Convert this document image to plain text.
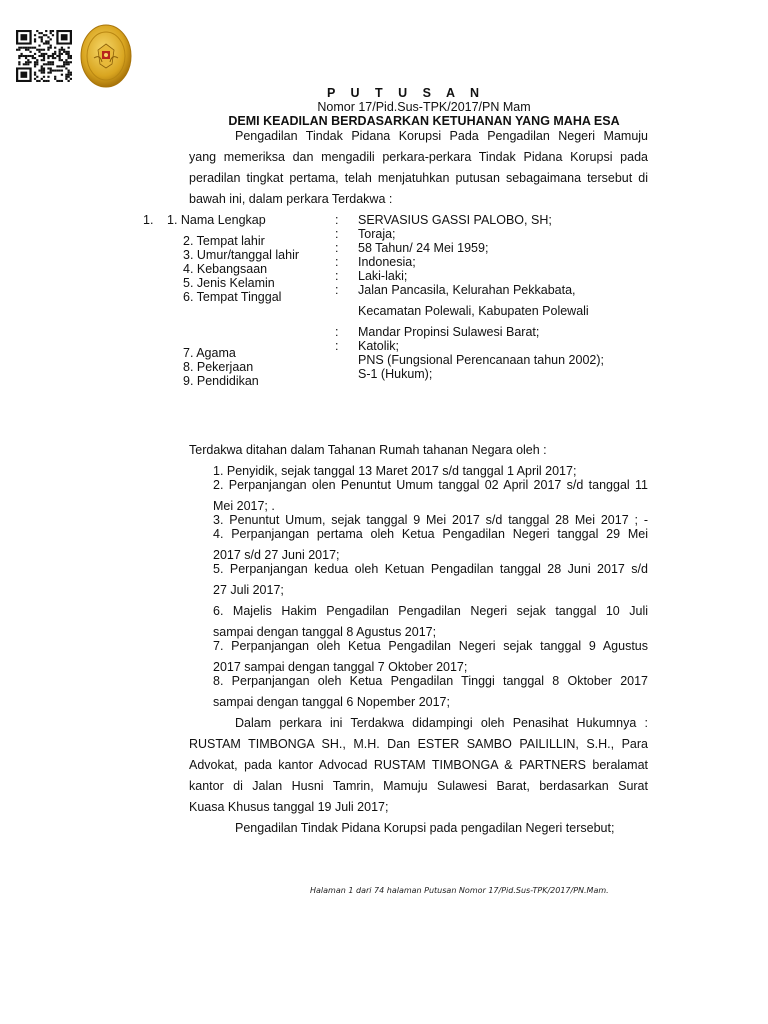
P U T U S A N
Nomor 17/Pid.Sus-TPK/2017/PN Mam
DEMI KEADILAN BERDASARKAN KETUHANAN YANG MAHA ESA
Pengadilan Tindak Pidana Korupsi Pada Pengadilan Negeri Mamuju
yang memeriksa dan mengadili perkara-perkara Tindak Pidana Korupsi pada
peradilan tingkat pertama, telah menjatuhkan putusan sebagaimana tersebut di
bawah ini, dalam perkara Terdakwa :
1. 1. Nama Lengkap
2. Tempat lahir
3. Umur/tanggal lahir
4. Kebangsaan
5. Jenis Kelamin
6. Tempat Tinggal
7. Agama
8. Pekerjaan
9. Pendidikan
:
:
:
:
:
:
:
:
SERVASIUS GASSI PALOBO, SH;
Toraja;
58 Tahun/ 24 Mei 1959;
Indonesia;
Laki-laki;
Jalan Pancasila, Kelurahan Pekkabata,
Kecamatan Polewali, Kabupaten Polewali
Mandar Propinsi Sulawesi Barat;
Katolik;
PNS (Fungsional Perencanaan tahun 2002);
S-1 (Hukum);
Terdakwa ditahan dalam Tahanan Rumah tahanan Negara oleh :
1. Penyidik, sejak tanggal 13 Maret 2017 s/d tanggal 1 April 2017;
2. Perpanjangan olen Penuntut Umum tanggal 02 April 2017 s/d tanggal 11
Mei 2017; .
3. Penuntut Umum, sejak tanggal 9 Mei 2017 s/d tanggal 28 Mei 2017 ; -
4. Perpanjangan pertama oleh Ketua Pengadilan Negeri tanggal 29 Mei
2017 s/d 27 Juni 2017;
5. Perpanjangan kedua oleh Ketuan Pengadilan tanggal 28 Juni 2017 s/d
27 Juli 2017;
6. Majelis Hakim Pengadilan Pengadilan Negeri sejak tanggal 10 Juli
sampai dengan tanggal 8 Agustus 2017;
7. Perpanjangan oleh Ketua Pengadilan Negeri sejak tanggal 9 Agustus
2017 sampai dengan tanggal 7 Oktober 2017;
8. Perpanjangan oleh Ketua Pengadilan Tinggi tanggal 8 Oktober 2017
sampai dengan tanggal 6 Nopember 2017;
Dalam perkara ini Terdakwa didampingi oleh Penasihat Hukumnya :
RUSTAM TIMBONGA SH., M.H. Dan ESTER SAMBO PAILILLIN, S.H., Para
Advokat, pada kantor Advocad RUSTAM TIMBONGA & PARTNERS beralamat
kantor di Jalan Husni Tamrin, Mamuju Sulawesi Barat, berdasarkan Surat
Kuasa Khusus tanggal 19 Juli 2017;
Pengadilan Tindak Pidana Korupsi pada pengadilan Negeri tersebut;
Halaman 1 dari 74 halaman Putusan Nomor 17/Pid.Sus-TPK/2017/PN.Mam.
